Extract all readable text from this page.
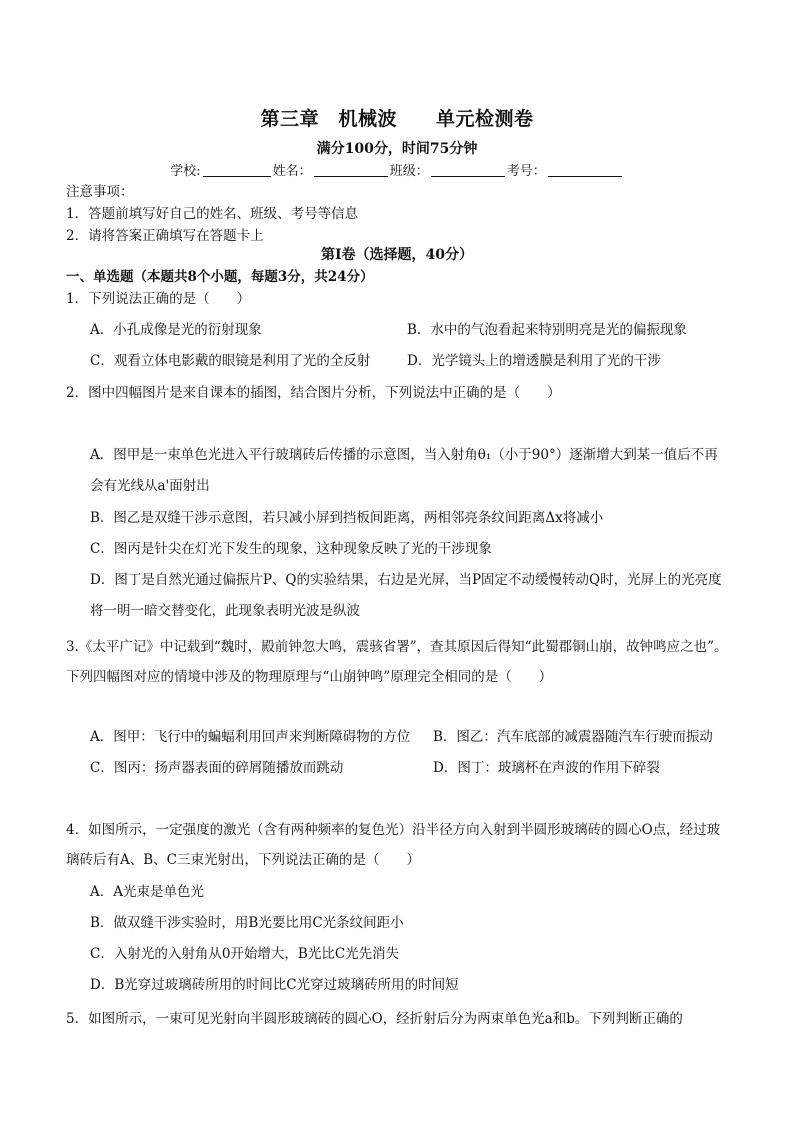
第三章　 机械波　　 单元检测卷
满分100分，时间75分钟
学校:	姓名：	班级：	考号：
注意事项：
1．答题前填写好自己的姓名、班级、考号等信息
2．请将答案正确填写在答题卡上
第I卷（选择题，40分）
一、单选题（本题共8个小题，每题3分，共24分）
1．下列说法正确的是（　　）
A．小孔成像是光的衍射现象	B．水中的气泡看起来特别明亮是光的偏振现象
C．观看立体电影戴的眼镜是利用了光的全反射	D．光学镜头上的增透膜是利用了光的干涉
2．图中四幅图片是来自课本的插图，结合图片分析，下列说法中正确的是（　　）
A．图甲是一束单色光进入平行玻璃砖后传播的示意图，当入射角θ₁（小于90°）逐渐增大到某一值后不再会有光线从a'面射出
B．图乙是双缝干涉示意图，若只减小屏到挡板间距离，两相邻亮条纹间距离Δx将减小
C．图丙是针尖在灯光下发生的现象，这种现象反映了光的干涉现象
D．图丁是自然光通过偏振片P、Q的实验结果，右边是光屏，当P固定不动缓慢转动Q时，光屏上的光亮度将一明一暗交替变化，此现象表明光波是纵波
3.《太平广记》中记载到“魏时，殿前钟忽大鸣，震骇省署”，查其原因后得知“此蜀郡铜山崩，故钟鸣应之也”。下列四幅图对应的情境中涉及的物理原理与“山崩钟鸣”原理完全相同的是（　　）
A．图甲：飞行中的蝙蝠利用回声来判断障碍物的方位 B．图乙：汽车底部的减震器随汽车行驶而振动
C．图丙：扬声器表面的碎屑随播放而跳动	D．图丁：玻璃杯在声波的作用下碎裂
4．如图所示，一定强度的激光（含有两种频率的复色光）沿半径方向入射到半圆形玻璃砖的圆心O点，经过玻璃砖后有A、B、C三束光射出，下列说法正确的是（　　）
A．A光束是单色光
B．做双缝干涉实验时，用B光要比用C光条纹间距小
C．入射光的入射角从0开始增大，B光比C光先消失
D．B光穿过玻璃砖所用的时间比C光穿过玻璃砖所用的时间短
5．如图所示，一束可见光射向半圆形玻璃砖的圆心O，经折射后分为两束单色光a和b。下列判断正确的
